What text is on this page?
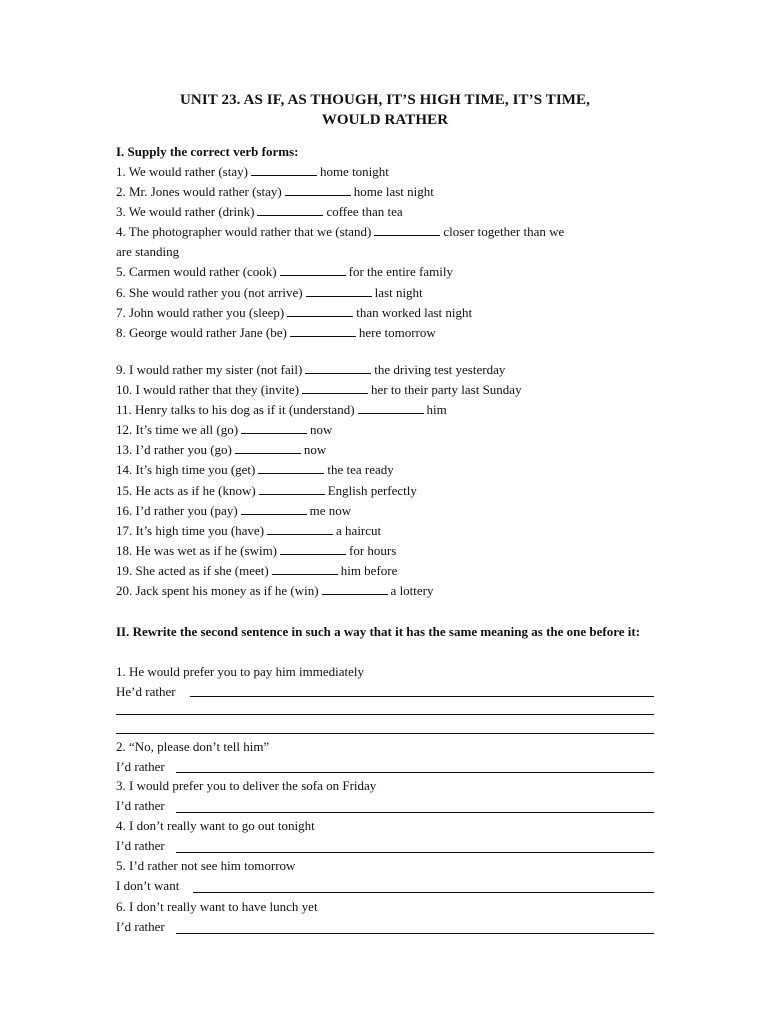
UNIT 23. AS IF, AS THOUGH, IT’S HIGH TIME, IT’S TIME,
WOULD RATHER
I. Supply the correct verb forms:
1. We would rather (stay)	home tonight
2. Mr. Jones would rather (stay)	home last night
3. We would rather (drink)	coffee than tea
4. The photographer would rather that we (stand)	closer together than we
are standing
5. Carmen would rather (cook)	for the entire family
6. She would rather you (not arrive)	last night
7. John would rather you (sleep)	than worked last night
8. George would rather Jane (be)	here tomorrow
9. I would rather my sister (not fail)	the driving test yesterday
10. I would rather that they (invite)	her to their party last Sunday
11. Henry talks to his dog as if it (understand)	him
12. It’s time we all (go)	now
13. I’d rather you (go)	now
14. It’s high time you (get)	the tea ready
15. He acts as if he (know)	English perfectly
16. I’d rather you (pay)	me now
17. It’s high time you (have)	a haircut
18. He was wet as if he (swim)	for hours
19. She acted as if she (meet)	him before
20. Jack spent his money as if he (win)	a lottery
II. Rewrite the second sentence in such a way that it has the same meaning as the one before it:
1. He would prefer you to pay him immediately
He’d rather
2. “No, please don’t tell him”
I’d rather
3. I would prefer you to deliver the sofa on Friday
I’d rather
4. I don’t really want to go out tonight
I’d rather
5. I’d rather not see him tomorrow
I don’t want
6. I don’t really want to have lunch yet
I’d rather
